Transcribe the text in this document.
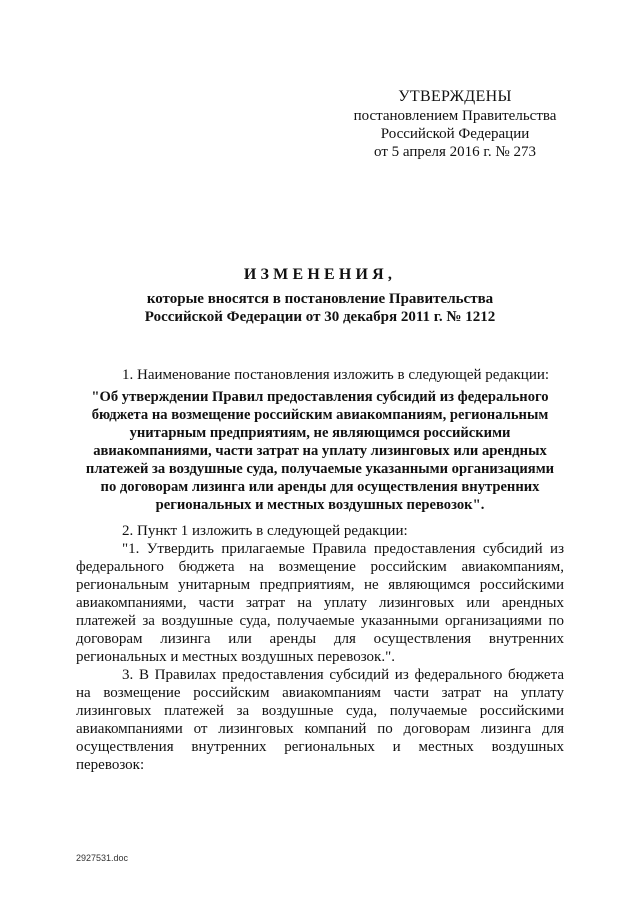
УТВЕРЖДЕНЫ
постановлением Правительства
Российской Федерации
от 5 апреля 2016 г. № 273
ИЗМЕНЕНИЯ,
которые вносятся в постановление Правительства
Российской Федерации от 30 декабря 2011 г. № 1212

1. Наименование постановления изложить в следующей редакции:

"Об утверждении Правил предоставления субсидий из федерального
бюджета на возмещение российским авиакомпаниям, региональным
унитарным предприятиям, не являющимся российскими
авиакомпаниями, части затрат на уплату лизинговых или арендных
платежей за воздушные суда, получаемые указанными организациями
по договорам лизинга или аренды для осуществления внутренних
региональных и местных воздушных перевозок".

2. Пункт 1 изложить в следующей редакции:

"1. Утвердить прилагаемые Правила предоставления субсидий из федерального бюджета на возмещение российским авиакомпаниям, региональным унитарным предприятиям, не являющимся российскими авиакомпаниями, части затрат на уплату лизинговых или арендных платежей за воздушные суда, получаемые указанными организациями по договорам лизинга или аренды для осуществления внутренних региональных и местных воздушных перевозок.".

3. В Правилах предоставления субсидий из федерального бюджета на возмещение российским авиакомпаниям части затрат на уплату лизинговых платежей за воздушные суда, получаемые российскими авиакомпаниями от лизинговых компаний по договорам лизинга для осуществления внутренних региональных и местных воздушных перевозок:

2927531.doc
